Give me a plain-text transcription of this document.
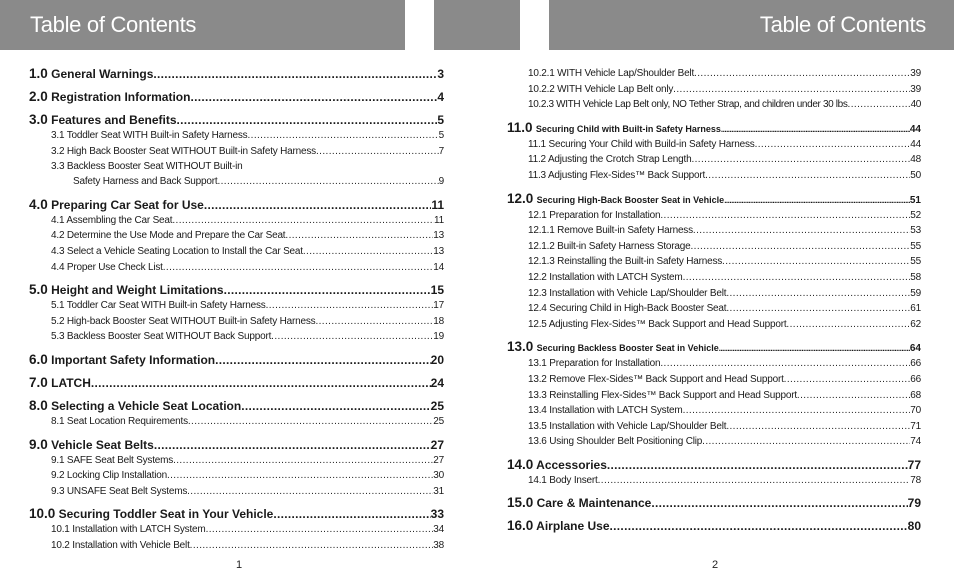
Table of Contents	Table of Contents
1.0 General Warnings .....	3
2.0 Registration Information .....	4
3.0 Features and Benefits .....	5
3.1 Toddler Seat WITH Built-in Safety Harness .....	5
3.2 High Back Booster Seat WITHOUT Built-in Safety Harness .....	7
3.3 Backless Booster Seat WITHOUT Built-in
Safety Harness and Back Support .....	9
4.0 Preparing Car Seat for Use .....	11
4.1 Assembling the Car Seat .....	11
4.2 Determine the Use Mode and Prepare the Car Seat .....	13
4.3 Select a Vehicle Seating Location to Install the Car Seat .....	13
4.4 Proper Use Check List .....	14
5.0 Height and Weight Limitations .....	15
5.1 Toddler Car Seat WITH Built-in Safety Harness .....	17
5.2 High-back Booster Seat WITHOUT Built-in Safety Harness .....	18
5.3 Backless Booster Seat WITHOUT Back Support .....	19
6.0 Important Safety Information .....	20
7.0 LATCH .....	24
8.0 Selecting a Vehicle Seat Location .....	25
8.1 Seat Location Requirements .....	25
9.0 Vehicle Seat Belts .....	27
9.1 SAFE Seat Belt Systems .....	27
9.2 Locking Clip Installation .....	30
9.3 UNSAFE Seat Belt Systems .....	31
10.0 Securing Toddler Seat in Your Vehicle .....	33
10.1 Installation with LATCH System .....	34
10.2 Installation with Vehicle Belt .....	38
10.2.1 WITH Vehicle Lap/Shoulder Belt .....	39
10.2.2 WITH Vehicle Lap Belt only .....	39
10.2.3 WITH Vehicle Lap Belt only, NO Tether Strap, and children under 30 lbs .....	40
11.0 Securing Child with Built-in Safety Harness .....	44
11.1 Securing Your Child with Build-in Safety Harness .....	44
11.2 Adjusting the Crotch Strap Length .....	48
11.3 Adjusting Flex-Sides™ Back Support .....	50
12.0 Securing High-Back Booster Seat in Vehicle .....	51
12.1 Preparation for Installation .....	52
12.1.1 Remove Built-in Safety Harness .....	53
12.1.2 Built-in Safety Harness Storage .....	55
12.1.3 Reinstalling the Built-in Safety Harness .....	55
12.2 Installation with LATCH System .....	58
12.3 Installation with Vehicle Lap/Shoulder Belt .....	59
12.4 Securing Child in High-Back Booster Seat .....	61
12.5 Adjusting Flex-Sides™ Back Support and Head Support .....	62
13.0 Securing Backless Booster Seat in Vehicle .....	64
13.1 Preparation for Installation .....	66
13.2 Remove Flex-Sides™ Back Support and Head Support .....	66
13.3 Reinstalling Flex-Sides™ Back Support and Head Support .....	68
13.4 Installation with LATCH System .....	70
13.5 Installation with Vehicle Lap/Shoulder Belt .....	71
13.6 Using Shoulder Belt Positioning Clip .....	74
14.0 Accessories .....	77
14.1 Body Insert .....	78
15.0 Care & Maintenance .....	79
16.0 Airplane Use .....	80
1	2
